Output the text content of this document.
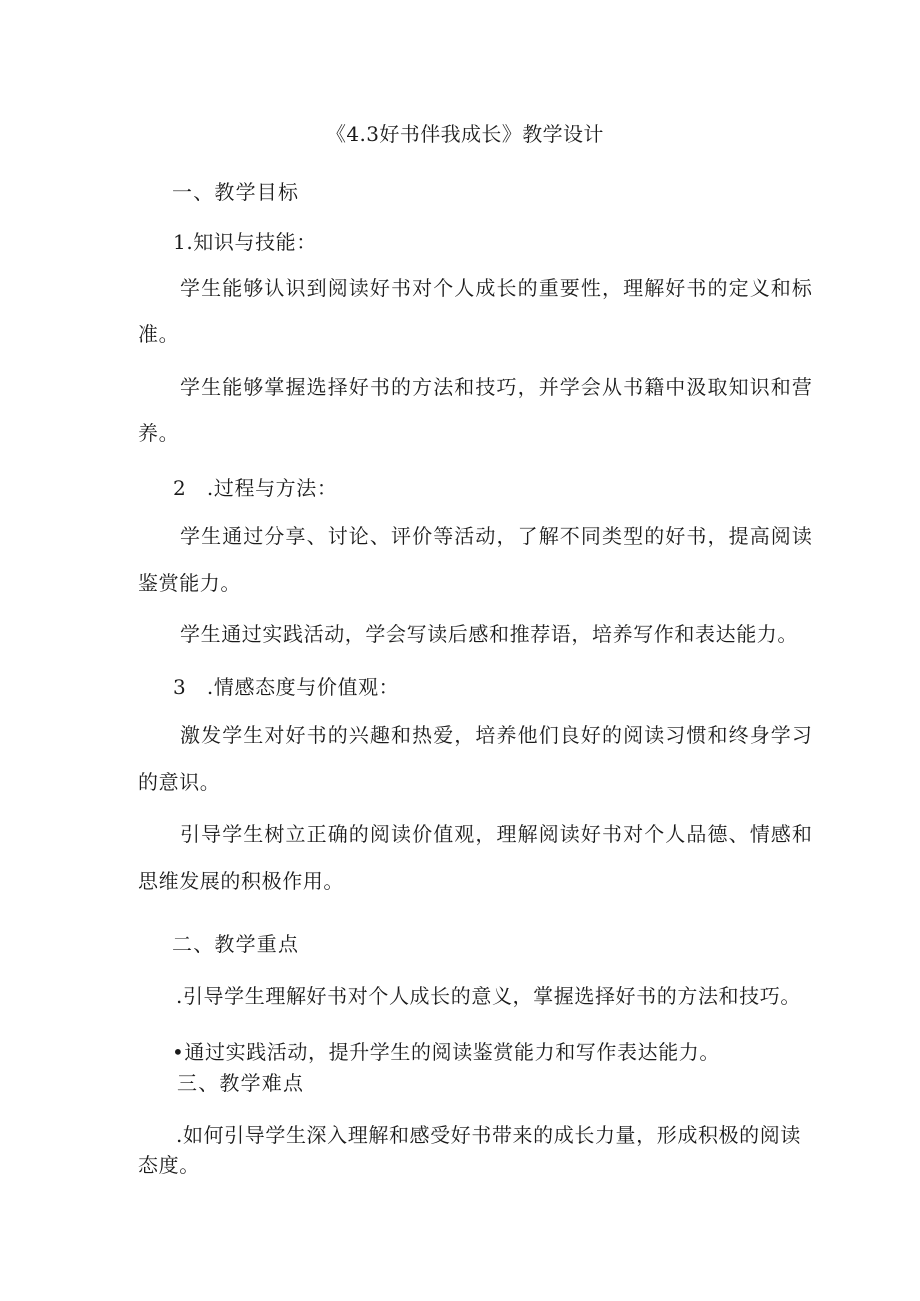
《4.3好书伴我成长》教学设计
一、教学目标
1.知识与技能：
学生能够认识到阅读好书对个人成长的重要性，理解好书的定义和标
准。
学生能够掌握选择好书的方法和技巧，并学会从书籍中汲取知识和营
养。
2　.过程与方法：
学生通过分享、讨论、评价等活动，了解不同类型的好书，提高阅读
鉴赏能力。
学生通过实践活动，学会写读后感和推荐语，培养写作和表达能力。
3　.情感态度与价值观：
激发学生对好书的兴趣和热爱，培养他们良好的阅读习惯和终身学习
的意识。
引导学生树立正确的阅读价值观，理解阅读好书对个人品德、情感和
思维发展的积极作用。
二、教学重点
.引导学生理解好书对个人成长的意义，掌握选择好书的方法和技巧。
•通过实践活动，提升学生的阅读鉴赏能力和写作表达能力。
三、教学难点
.如何引导学生深入理解和感受好书带来的成长力量，形成积极的阅读
态度。
